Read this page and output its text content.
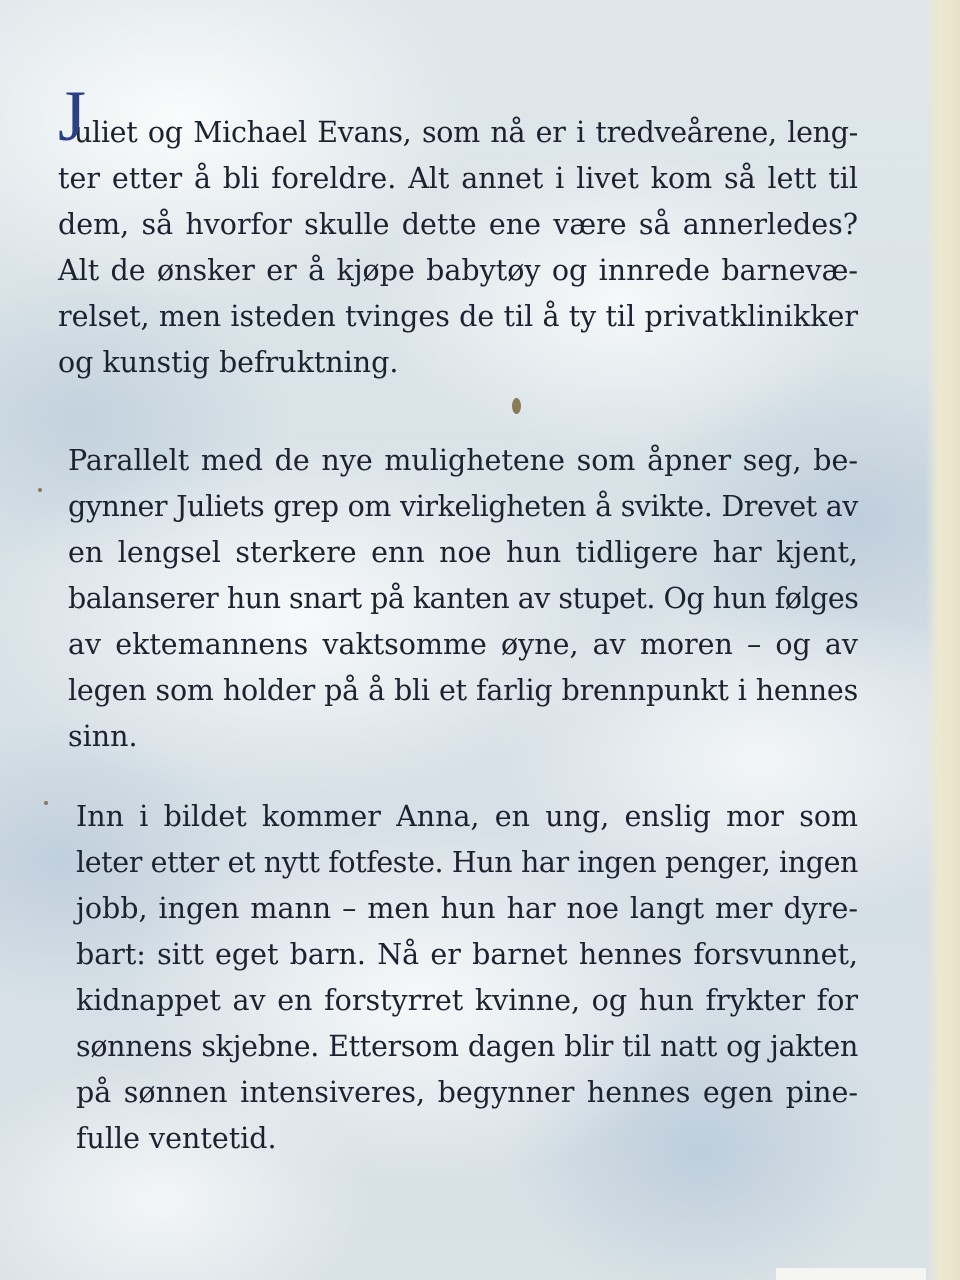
J
uliet og Michael Evans, som nå er i tredveårene, leng-
ter etter å bli foreldre. Alt annet i livet kom så lett til
dem, så hvorfor skulle dette ene være så annerledes?
Alt de ønsker er å kjøpe babytøy og innrede barnevæ-
relset, men isteden tvinges de til å ty til privatklinikker
og kunstig befruktning.
Parallelt med de nye mulighetene som åpner seg, be-
gynner Juliets grep om virkeligheten å svikte. Drevet av
en lengsel sterkere enn noe hun tidligere har kjent,
balanserer hun snart på kanten av stupet. Og hun følges
av ektemannens vaktsomme øyne, av moren – og av
legen som holder på å bli et farlig brennpunkt i hennes
sinn.
Inn i bildet kommer Anna, en ung, enslig mor som
leter etter et nytt fotfeste. Hun har ingen penger, ingen
jobb, ingen mann – men hun har noe langt mer dyre-
bart: sitt eget barn. Nå er barnet hennes forsvunnet,
kidnappet av en forstyrret kvinne, og hun frykter for
sønnens skjebne. Ettersom dagen blir til natt og jakten
på sønnen intensiveres, begynner hennes egen pine-
fulle ventetid.
